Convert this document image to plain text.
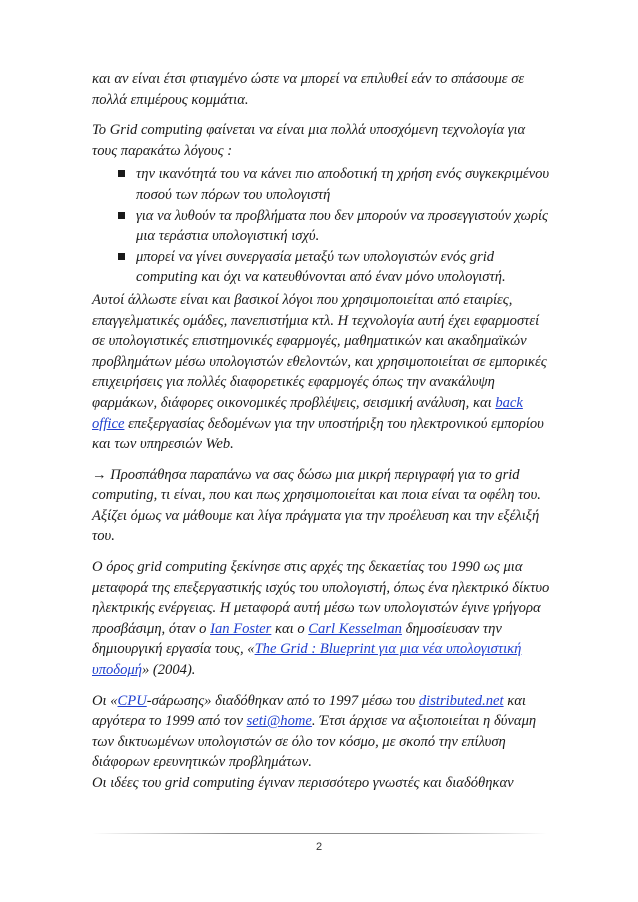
και αν είναι έτσι φτιαγμένο ώστε να μπορεί να επιλυθεί εάν το σπάσουμε σε πολλά επιμέρους κομμάτια.

Το Grid computing φαίνεται να είναι μια πολλά υποσχόμενη τεχνολογία για τους παρακάτω λόγους :

την ικανότητά του να κάνει πιο αποδοτική τη χρήση ενός συγκεκριμένου ποσού των πόρων του υπολογιστή
για να λυθούν τα προβλήματα που δεν μπορούν να προσεγγιστούν χωρίς μια τεράστια υπολογιστική ισχύ.
μπορεί να γίνει συνεργασία μεταξύ των υπολογιστών ενός grid computing και όχι να κατευθύνονται από έναν μόνο υπολογιστή.

Αυτοί άλλωστε είναι και βασικοί λόγοι που χρησιμοποιείται από εταιρίες, επαγγελματικές ομάδες, πανεπιστήμια κτλ. Η τεχνολογία αυτή έχει εφαρμοστεί σε υπολογιστικές επιστημονικές εφαρμογές, μαθηματικών και ακαδημαϊκών προβλημάτων μέσω υπολογιστών εθελοντών, και χρησιμοποιείται σε εμπορικές επιχειρήσεις για πολλές διαφορετικές εφαρμογές όπως την ανακάλυψη φαρμάκων, διάφορες οικονομικές προβλέψεις, σεισμική ανάλυση, και back office επεξεργασίας δεδομένων για την υποστήριξη του ηλεκτρονικού εμπορίου και των υπηρεσιών Web.

→ Προσπάθησα παραπάνω να σας δώσω μια μικρή περιγραφή για το grid computing, τι είναι, που και πως χρησιμοποιείται και ποια είναι τα οφέλη του. Αξίζει όμως να μάθουμε και λίγα πράγματα για την προέλευση και την εξέλιξή του.

Ο όρος grid computing ξεκίνησε στις αρχές της δεκαετίας του 1990 ως μια μεταφορά της επεξεργαστικής ισχύς του υπολογιστή, όπως ένα ηλεκτρικό δίκτυο ηλεκτρικής ενέργειας. Η μεταφορά αυτή μέσω των υπολογιστών έγινε γρήγορα προσβάσιμη, όταν ο Ian Foster και ο Carl Kesselman δημοσίευσαν την δημιουργική εργασία τους, «The Grid : Blueprint για μια νέα υπολογιστική υποδομή» (2004).

Οι «CPU-σάρωσης» διαδόθηκαν από το 1997 μέσω του distributed.net και αργότερα το 1999 από τον seti@home. Έτσι άρχισε να αξιοποιείται η δύναμη των δικτυωμένων υπολογιστών σε όλο τον κόσμο, με σκοπό την επίλυση διάφορων ερευνητικών προβλημάτων.

Οι ιδέες του grid computing έγιναν περισσότερο γνωστές και διαδόθηκαν

2
